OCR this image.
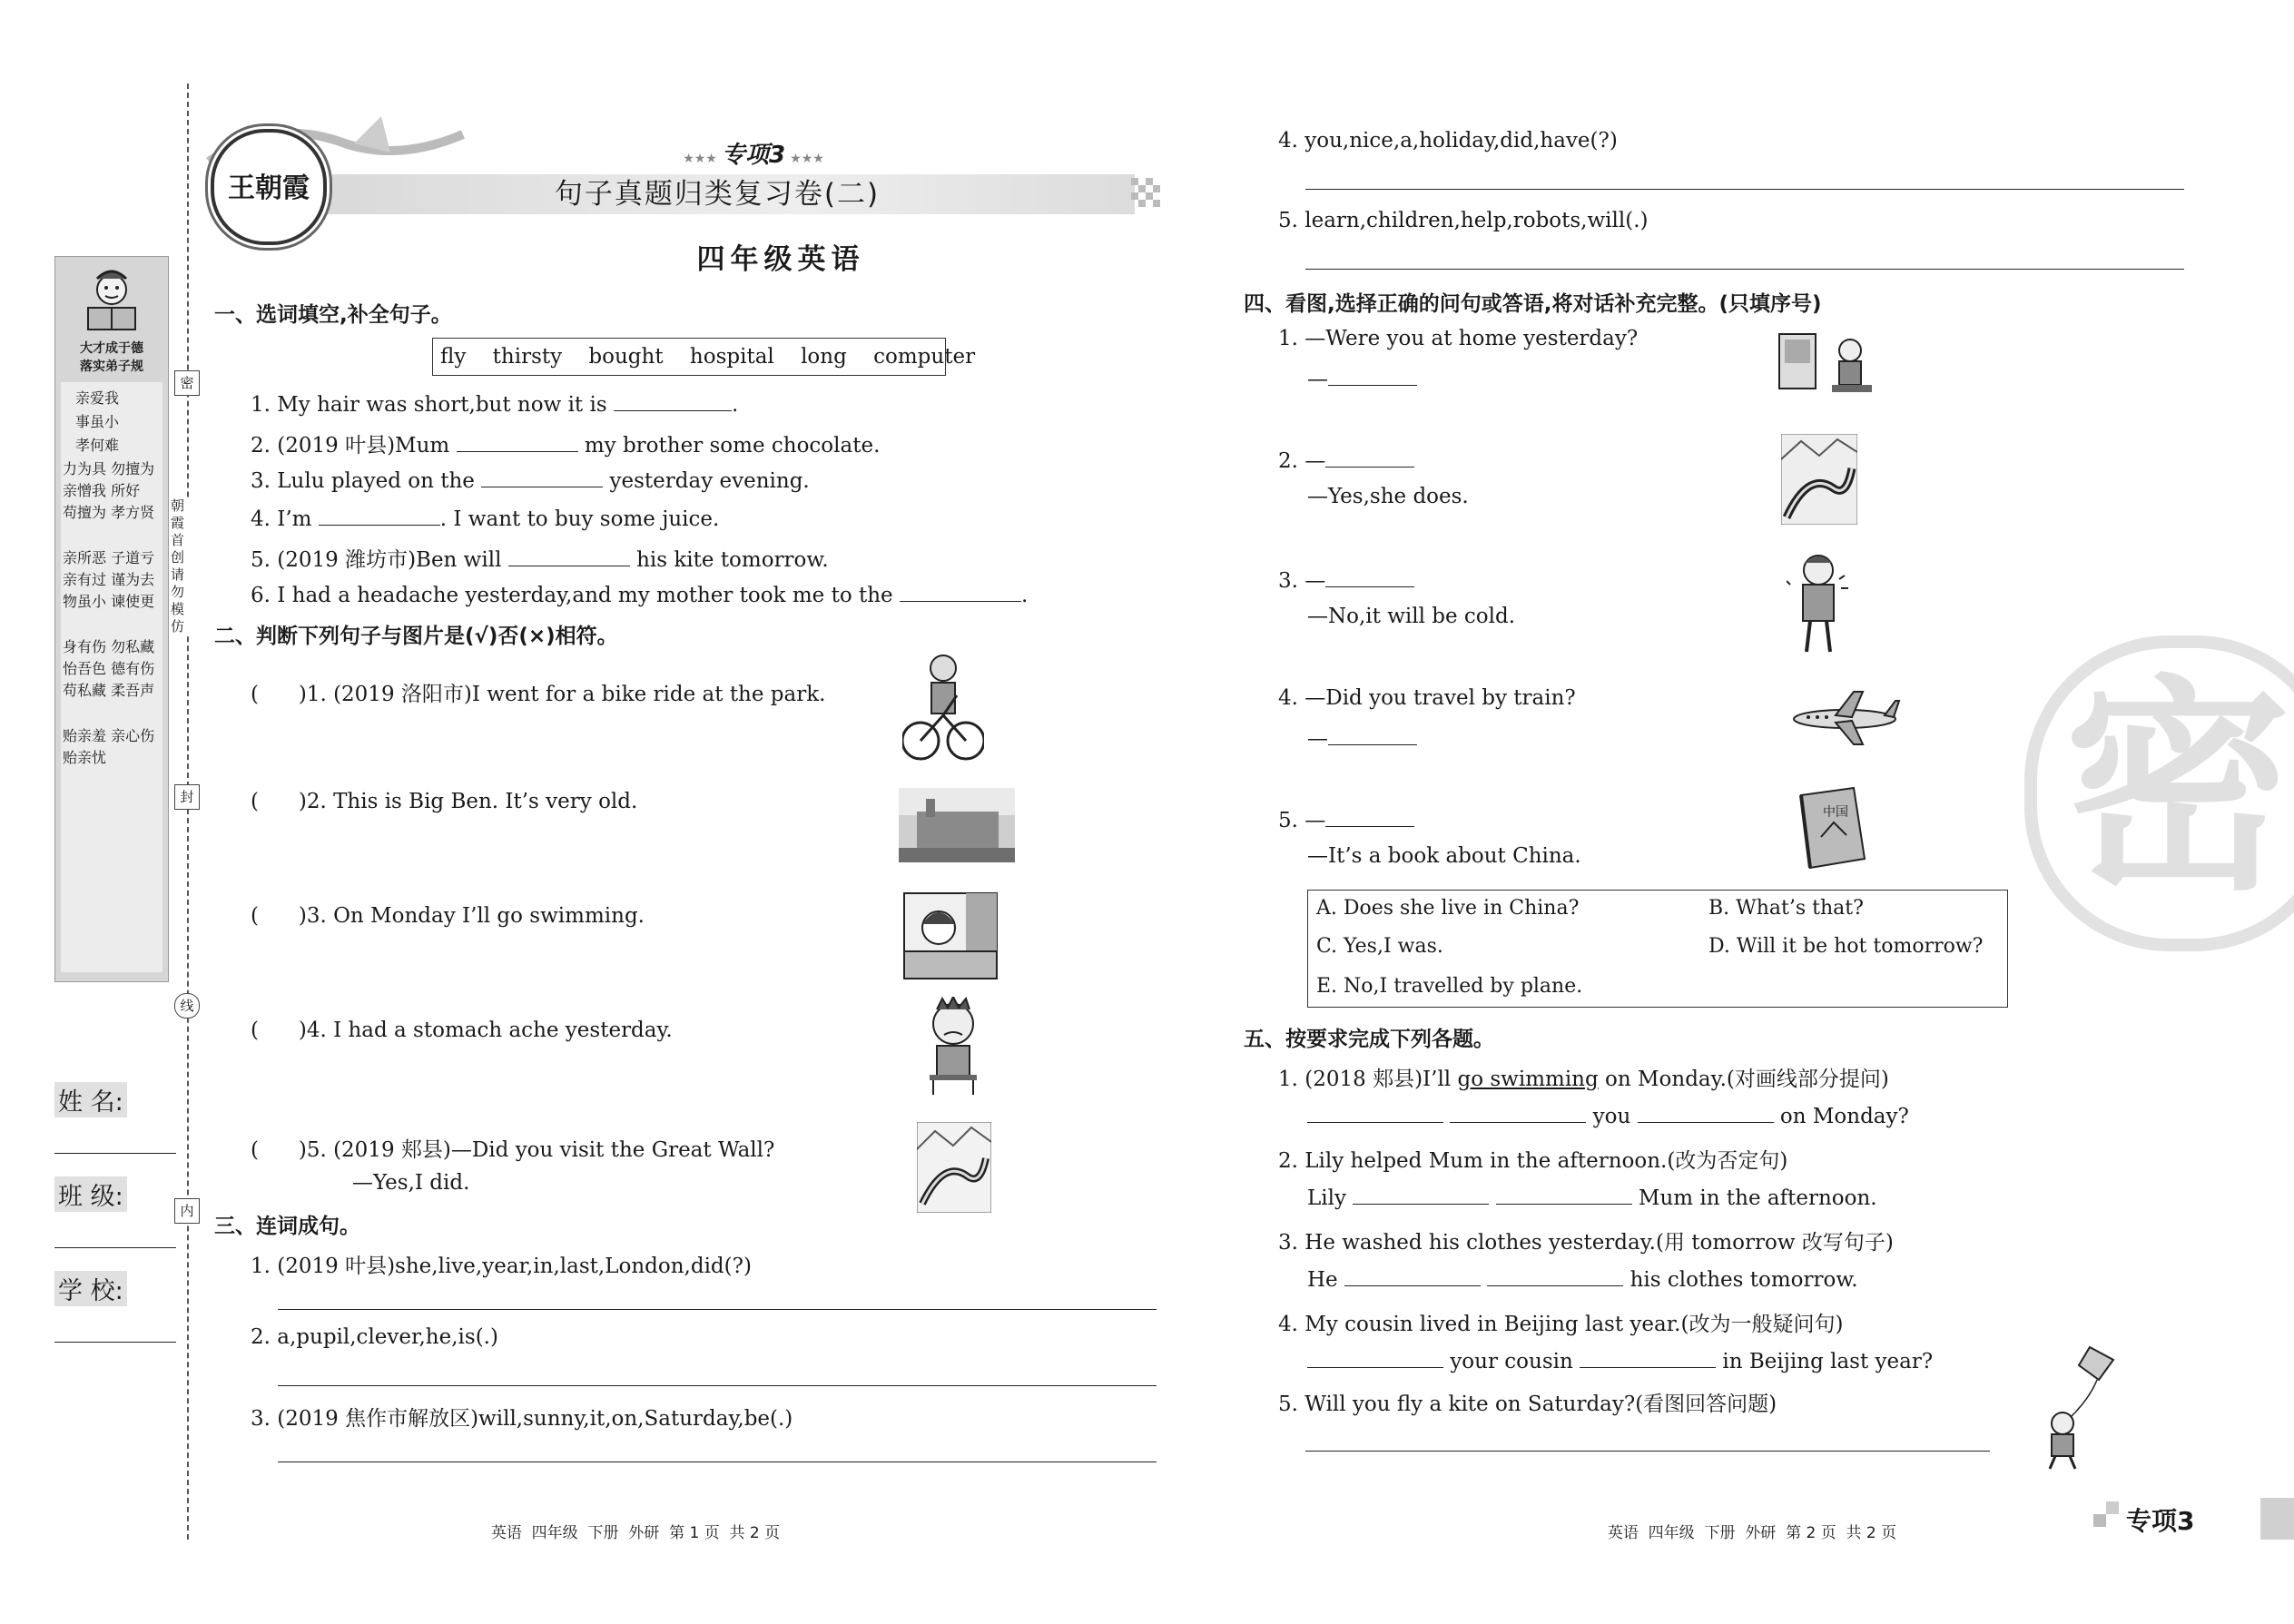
大才成于德
落实弟子规
亲爱我
事虽小
孝何难
力为具 勿擅为
亲憎我 所好
苟擅为 孝方贤
亲所恶 子道亏
亲有过 谨为去
物虽小 谏使更
身有伤 勿私藏
怡吾色 德有伤
苟私藏 柔吾声
贻亲羞 亲心伤
贻亲忧
密
封
线
内
朝霞首创 请勿模仿
姓 名:
班 级:
学 校:
王朝霞
★★★ 专项3 ★★★
句子真题归类复习卷(二)
四年级英语
一、选词填空,补全句子。
fly thirsty bought hospital long computer
1. My hair was short,but now it is	.
2. (2019 叶县)Mum	my brother some chocolate.
3. Lulu played on the	yesterday evening.
4. I’m	. I want to buy some juice.
5. (2019 潍坊市)Ben will	his kite tomorrow.
6. I had a headache yesterday,and my mother took me to the	.
二、判断下列句子与图片是(√)否(×)相符。
(      )1. (2019 洛阳市)I went for a bike ride at the park.
(      )2. This is Big Ben. It’s very old.
(      )3. On Monday I’ll go swimming.
(      )4. I had a stomach ache yesterday.
(      )5. (2019 郏县)—Did you visit the Great Wall?
—Yes,I did.
三、连词成句。
1. (2019 叶县)she,live,year,in,last,London,did(?)
2. a,pupil,clever,he,is(.)
3. (2019 焦作市解放区)will,sunny,it,on,Saturday,be(.)
英语  四年级  下册  外研  第 1 页  共 2 页
4. you,nice,a,holiday,did,have(?)
5. learn,children,help,robots,will(.)
密
四、看图,选择正确的问句或答语,将对话补充完整。(只填序号)
1. —Were you at home yesterday?
—
2. —
—Yes,she does.
3. —
—No,it will be cold.
4. —Did you travel by train?
—
5. —
—It’s a book about China.
中国
A. Does she live in China?	B. What’s that?
C. Yes,I was.	D. Will it be hot tomorrow?
E. No,I travelled by plane.
五、按要求完成下列各题。
1. (2018 郏县)I’ll go swimming on Monday.(对画线部分提问)
you	on Monday?
2. Lily helped Mum in the afternoon.(改为否定句)
Lily	Mum in the afternoon.
3. He washed his clothes yesterday.(用 tomorrow 改写句子)
He	his clothes tomorrow.
4. My cousin lived in Beijing last year.(改为一般疑问句)
your cousin	in Beijing last year?
5. Will you fly a kite on Saturday?(看图回答问题)
英语  四年级  下册  外研  第 2 页  共 2 页	专项3
